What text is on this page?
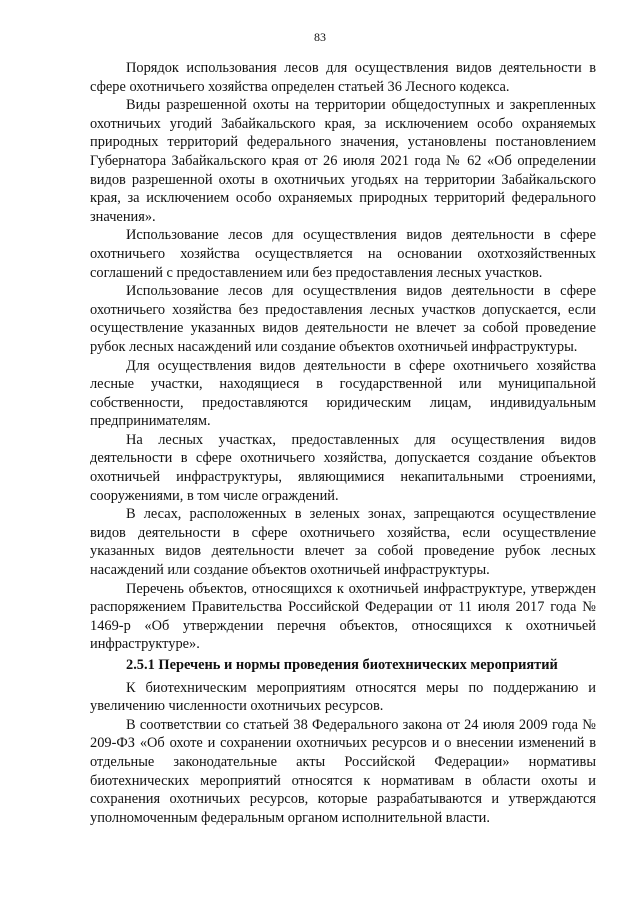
83

Порядок использования лесов для осуществления видов деятельности в сфере охотничьего хозяйства определен статьей 36 Лесного кодекса.

Виды разрешенной охоты на территории общедоступных и закрепленных охотничьих угодий Забайкальского края, за исключением особо охраняемых природных территорий федерального значения, установлены постановлением Губернатора Забайкальского края от 26 июля 2021 года № 62 «Об определении видов разрешенной охоты в охотничьих угодьях на территории Забайкальского края, за исключением особо охраняемых природных территорий федерального значения».

Использование лесов для осуществления видов деятельности в сфере охотничьего хозяйства осуществляется на основании охотхозяйственных соглашений с предоставлением или без предоставления лесных участков.

Использование лесов для осуществления видов деятельности в сфере охотничьего хозяйства без предоставления лесных участков допускается, если осуществление указанных видов деятельности не влечет за собой проведение рубок лесных насаждений или создание объектов охотничьей инфраструктуры.

Для осуществления видов деятельности в сфере охотничьего хозяйства лесные участки, находящиеся в государственной или муниципальной собственности, предоставляются юридическим лицам, индивидуальным предпринимателям.

На лесных участках, предоставленных для осуществления видов деятельности в сфере охотничьего хозяйства, допускается создание объектов охотничьей инфраструктуры, являющимися некапитальными строениями, сооружениями, в том числе ограждений.

В лесах, расположенных в зеленых зонах, запрещаются осуществление видов деятельности в сфере охотничьего хозяйства, если осуществление указанных видов деятельности влечет за собой проведение рубок лесных насаждений или создание объектов охотничьей инфраструктуры.

Перечень объектов, относящихся к охотничьей инфраструктуре, утвержден распоряжением Правительства Российской Федерации от 11 июля 2017 года № 1469-р «Об утверждении перечня объектов, относящихся к охотничьей инфраструктуре».

2.5.1 Перечень и нормы проведения биотехнических мероприятий

К биотехническим мероприятиям относятся меры по поддержанию и увеличению численности охотничьих ресурсов.

В соответствии со статьей 38 Федерального закона от 24 июля 2009 года № 209-ФЗ «Об охоте и сохранении охотничьих ресурсов и о внесении изменений в отдельные законодательные акты Российской Федерации» нормативы биотехнических мероприятий относятся к нормативам в области охоты и сохранения охотничьих ресурсов, которые разрабатываются и утверждаются уполномоченным федеральным органом исполнительной власти.
